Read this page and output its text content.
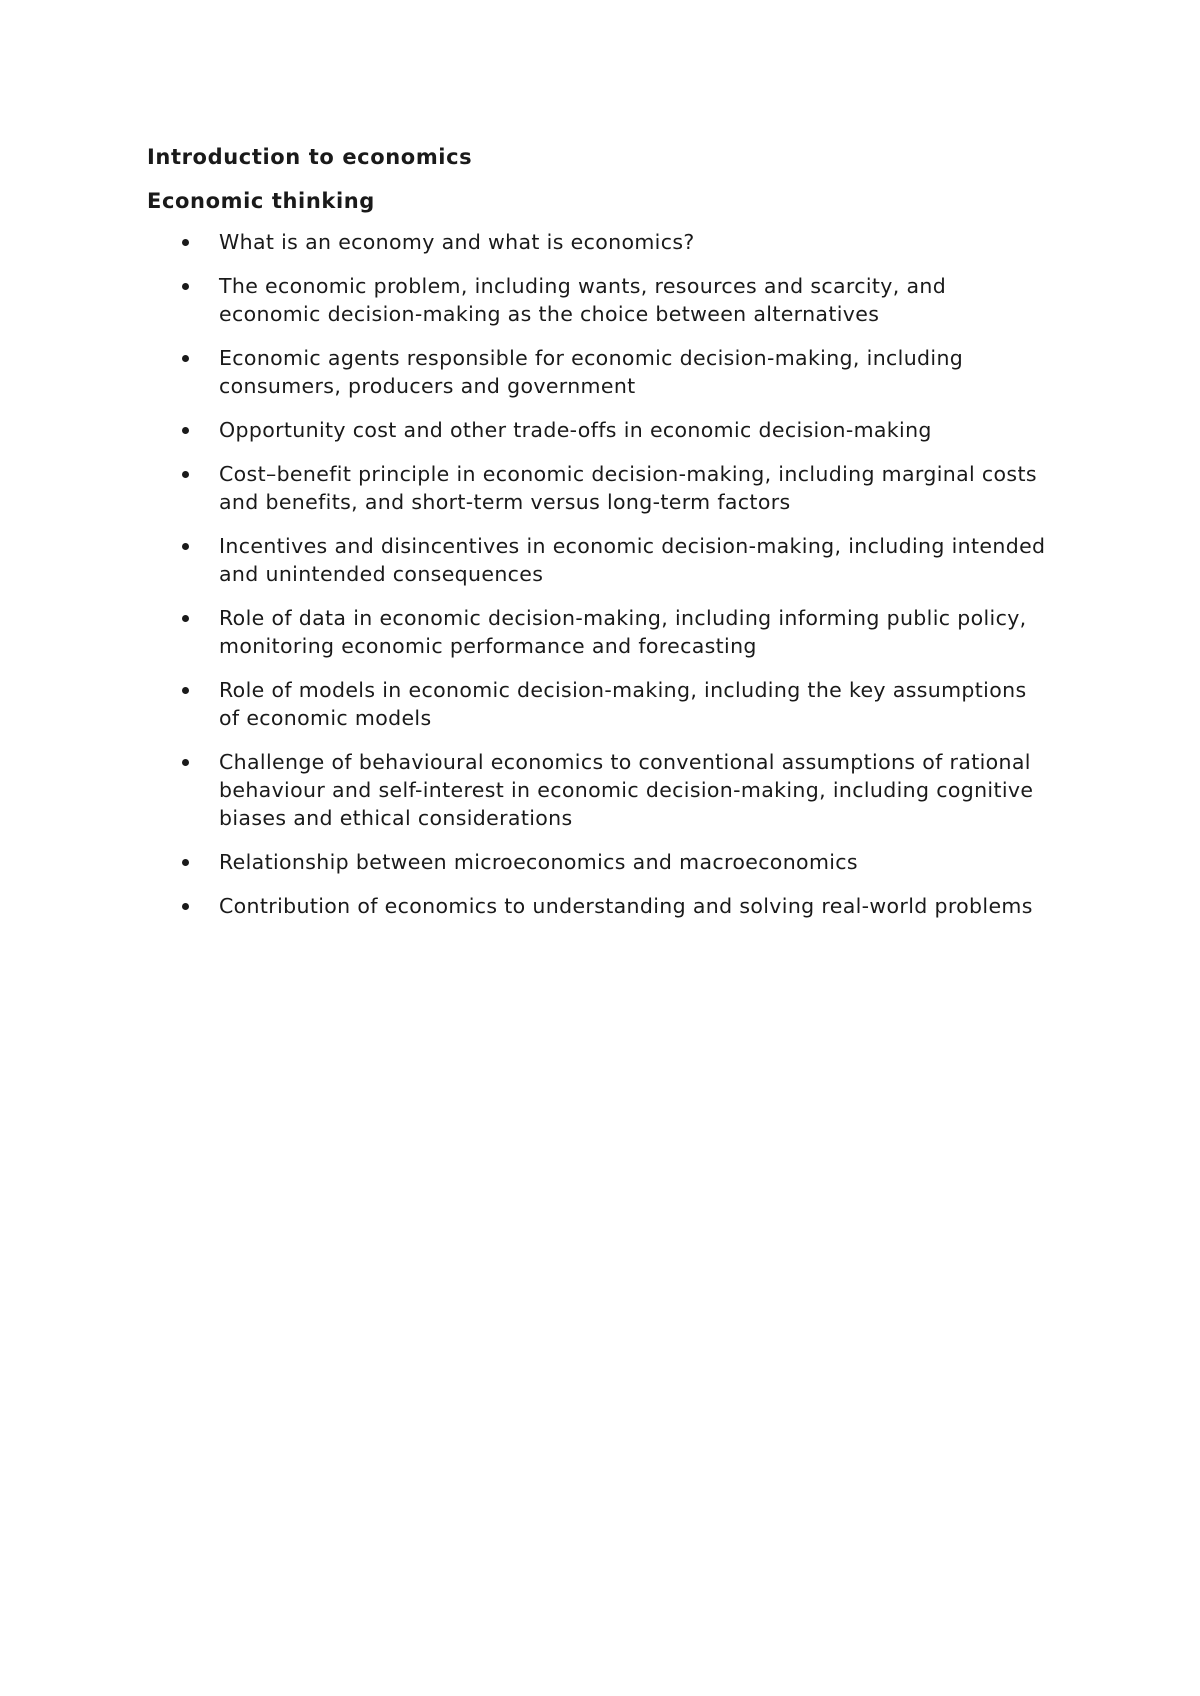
Introduction to economics
Economic thinking
What is an economy and what is economics?
The economic problem, including wants, resources and scarcity, and economic decision-making as the choice between alternatives
Economic agents responsible for economic decision-making, including consumers, producers and government
Opportunity cost and other trade-offs in economic decision-making
Cost–benefit principle in economic decision-making, including marginal costs and benefits, and short-term versus long-term factors
Incentives and disincentives in economic decision-making, including intended and unintended consequences
Role of data in economic decision-making, including informing public policy, monitoring economic performance and forecasting
Role of models in economic decision-making, including the key assumptions of economic models
Challenge of behavioural economics to conventional assumptions of rational behaviour and self-interest in economic decision-making, including cognitive biases and ethical considerations
Relationship between microeconomics and macroeconomics
Contribution of economics to understanding and solving real-world problems
